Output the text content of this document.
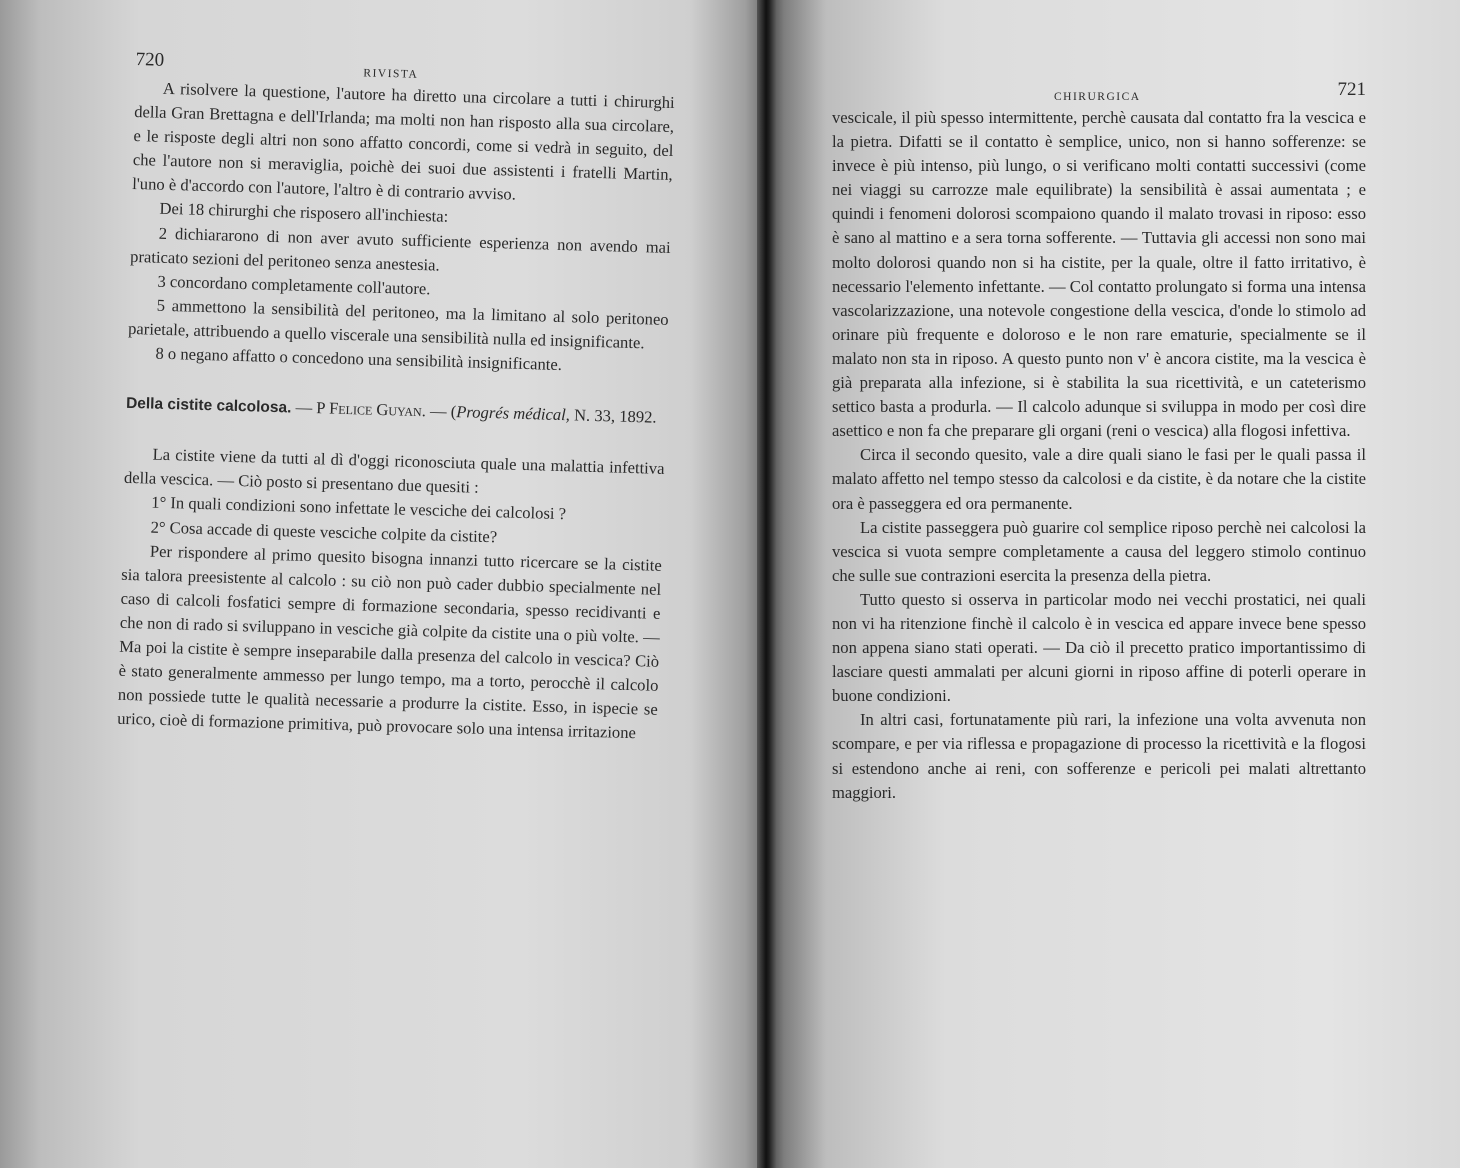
720
RIVISTA

A risolvere la questione, l'autore ha diretto una circolare a tutti i chirurghi della Gran Brettagna e dell'Irlanda; ma molti non han risposto alla sua circolare, e le risposte degli altri non sono affatto concordi, come si vedrà in seguito, del che l'autore non si meraviglia, poichè dei suoi due assistenti i fratelli Martin, l'uno è d'accordo con l'autore, l'altro è di contrario avviso.

Dei 18 chirurghi che risposero all'inchiesta:

2 dichiararono di non aver avuto sufficiente esperienza non avendo mai praticato sezioni del peritoneo senza anestesia.

3 concordano completamente coll'autore.

5 ammettono la sensibilità del peritoneo, ma la limitano al solo peritoneo parietale, attribuendo a quello viscerale una sensibilità nulla ed insignificante.

8 o negano affatto o concedono una sensibilità insignificante.

Della cistite calcolosa. — P Felice Guyan. — (Progrés médical, N. 33, 1892.

La cistite viene da tutti al dì d'oggi riconosciuta quale una malattia infettiva della vescica. — Ciò posto si presentano due quesiti :

1° In quali condizioni sono infettate le vesciche dei calcolosi ?

2° Cosa accade di queste vesciche colpite da cistite?

Per rispondere al primo quesito bisogna innanzi tutto ricercare se la cistite sia talora preesistente al calcolo : su ciò non può cader dubbio specialmente nel caso di calcoli fosfatici sempre di formazione secondaria, spesso recidivanti e che non di rado si sviluppano in vesciche già colpite da cistite una o più volte. — Ma poi la cistite è sempre inseparabile dalla presenza del calcolo in vescica? Ciò è stato generalmente ammesso per lungo tempo, ma a torto, perocchè il calcolo non possiede tutte le qualità necessarie a produrre la cistite. Esso, in ispecie se urico, cioè di formazione primitiva, può provocare solo una intensa irritazione

CHIRURGICA	721

vescicale, il più spesso intermittente, perchè causata dal contatto fra la vescica e la pietra. Difatti se il contatto è semplice, unico, non si hanno sofferenze: se invece è più intenso, più lungo, o si verificano molti contatti successivi (come nei viaggi su carrozze male equilibrate) la sensibilità è assai aumentata ; e quindi i fenomeni dolorosi scompaiono quando il malato trovasi in riposo: esso è sano al mattino e a sera torna sofferente. — Tuttavia gli accessi non sono mai molto dolorosi quando non si ha cistite, per la quale, oltre il fatto irritativo, è necessario l'elemento infettante. — Col contatto prolungato si forma una intensa vascolarizzazione, una notevole congestione della vescica, d'onde lo stimolo ad orinare più frequente e doloroso e le non rare ematurie, specialmente se il malato non sta in riposo. A questo punto non v' è ancora cistite, ma la vescica è già preparata alla infezione, si è stabilita la sua ricettività, e un cateterismo settico basta a produrla. — Il calcolo adunque si sviluppa in modo per così dire asettico e non fa che preparare gli organi (reni o vescica) alla flogosi infettiva.

Circa il secondo quesito, vale a dire quali siano le fasi per le quali passa il malato affetto nel tempo stesso da calcolosi e da cistite, è da notare che la cistite ora è passeggera ed ora permanente.

La cistite passeggera può guarire col semplice riposo perchè nei calcolosi la vescica si vuota sempre completamente a causa del leggero stimolo continuo che sulle sue contrazioni esercita la presenza della pietra.

Tutto questo si osserva in particolar modo nei vecchi prostatici, nei quali non vi ha ritenzione finchè il calcolo è in vescica ed appare invece bene spesso non appena siano stati operati. — Da ciò il precetto pratico importantissimo di lasciare questi ammalati per alcuni giorni in riposo affine di poterli operare in buone condizioni.

In altri casi, fortunatamente più rari, la infezione una volta avvenuta non scompare, e per via riflessa e propagazione di processo la ricettività e la flogosi si estendono anche ai reni, con sofferenze e pericoli pei malati altrettanto maggiori.
